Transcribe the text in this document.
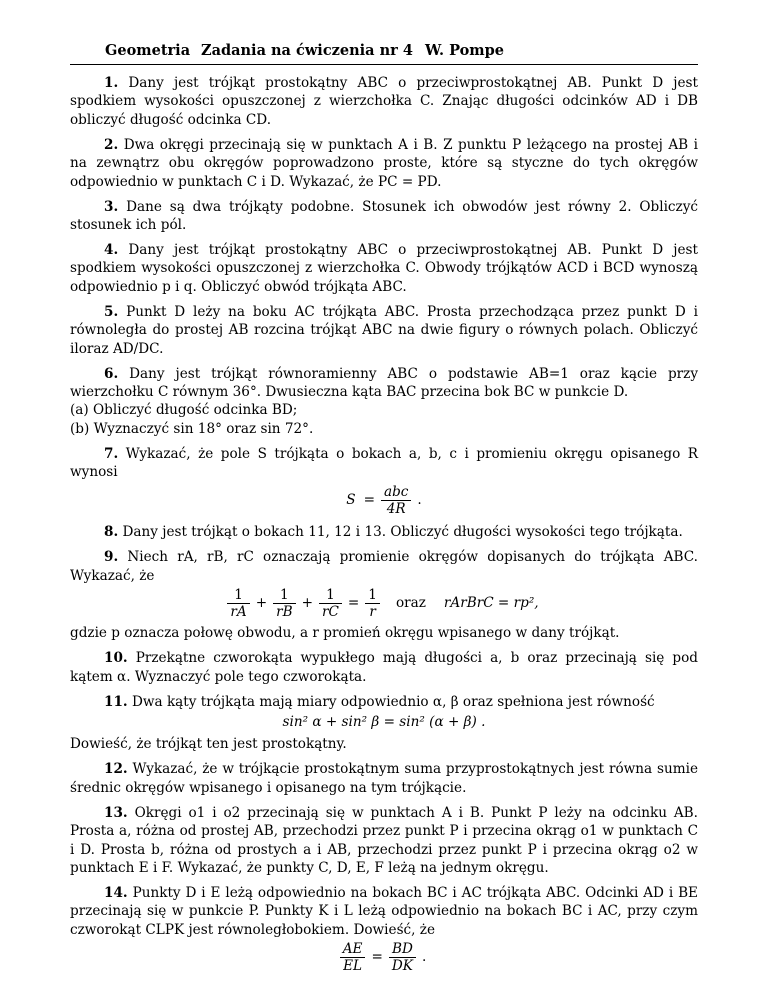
Geometria Zadania na ćwiczenia nr 4 W. Pompe
1. Dany jest trójkąt prostokątny ABC o przeciwprostokątnej AB. Punkt D jest spodkiem wysokości opuszczonej z wierzchołka C. Znając długości odcinków AD i DB obliczyć długość odcinka CD.
2. Dwa okręgi przecinają się w punktach A i B. Z punktu P leżącego na prostej AB i na zewnątrz obu okręgów poprowadzono proste, które są styczne do tych okręgów odpowiednio w punktach C i D. Wykazać, że PC = PD.
3. Dane są dwa trójkąty podobne. Stosunek ich obwodów jest równy 2. Obliczyć stosunek ich pól.
4. Dany jest trójkąt prostokątny ABC o przeciwprostokątnej AB. Punkt D jest spodkiem wysokości opuszczonej z wierzchołka C. Obwody trójkątów ACD i BCD wynoszą odpowiednio p i q. Obliczyć obwód trójkąta ABC.
5. Punkt D leży na boku AC trójkąta ABC. Prosta przechodząca przez punkt D i równoległa do prostej AB rozcina trójkąt ABC na dwie figury o równych polach. Obliczyć iloraz AD/DC.
6. Dany jest trójkąt równoramienny ABC o podstawie AB=1 oraz kącie przy wierzchołku C równym 36°. Dwusieczna kąta BAC przecina bok BC w punkcie D.
(a) Obliczyć długość odcinka BD;
(b) Wyznaczyć sin 18° oraz sin 72°.
7. Wykazać, że pole S trójkąta o bokach a, b, c i promieniu okręgu opisanego R wynosi
$S = \frac{\text{abc}}{4R}$ .
8. Dany jest trójkąt o bokach 11, 12 i 13. Obliczyć długości wysokości tego trójkąta.
9. Niech rA, rB, rC oznaczają promienie okręgów dopisanych do trójkąta ABC. Wykazać, że
$\frac{1}{rA} + \frac{1}{rB} + \frac{1}{rC} = \frac{1}{r}$ oraz rArBrC = rp²,
gdzie p oznacza połowę obwodu, a r promień okręgu wpisanego w dany trójkąt.
10. Przekątne czworokąta wypukłego mają długości a, b oraz przecinają się pod kątem α. Wyznaczyć pole tego czworokąta.
11. Dwa kąty trójkąta mają miary odpowiednio α, β oraz spełniona jest równość
sin² α + sin² β = sin² (α + β) .
Dowieść, że trójkąt ten jest prostokątny.
12. Wykazać, że w trójkącie prostokątnym suma przyprostokątnych jest równa sumie średnic okręgów wpisanego i opisanego na tym trójkącie.
13. Okręgi o1 i o2 przecinają się w punktach A i B. Punkt P leży na odcinku AB. Prosta a, różna od prostej AB, przechodzi przez punkt P i przecina okrąg o1 w punktach C i D. Prosta b, różna od prostych a i AB, przechodzi przez punkt P i przecina okrąg o2 w punktach E i F. Wykazać, że punkty C, D, E, F leżą na jednym okręgu.
14. Punkty D i E leżą odpowiednio na bokach BC i AC trójkąta ABC. Odcinki AD i BE przecinają się w punkcie P. Punkty K i L leżą odpowiednio na bokach BC i AC, przy czym czworokąt CLPK jest równoległobokiem. Dowieść, że
$\frac{AE}{EL} = \frac{BD}{DK}$ .
